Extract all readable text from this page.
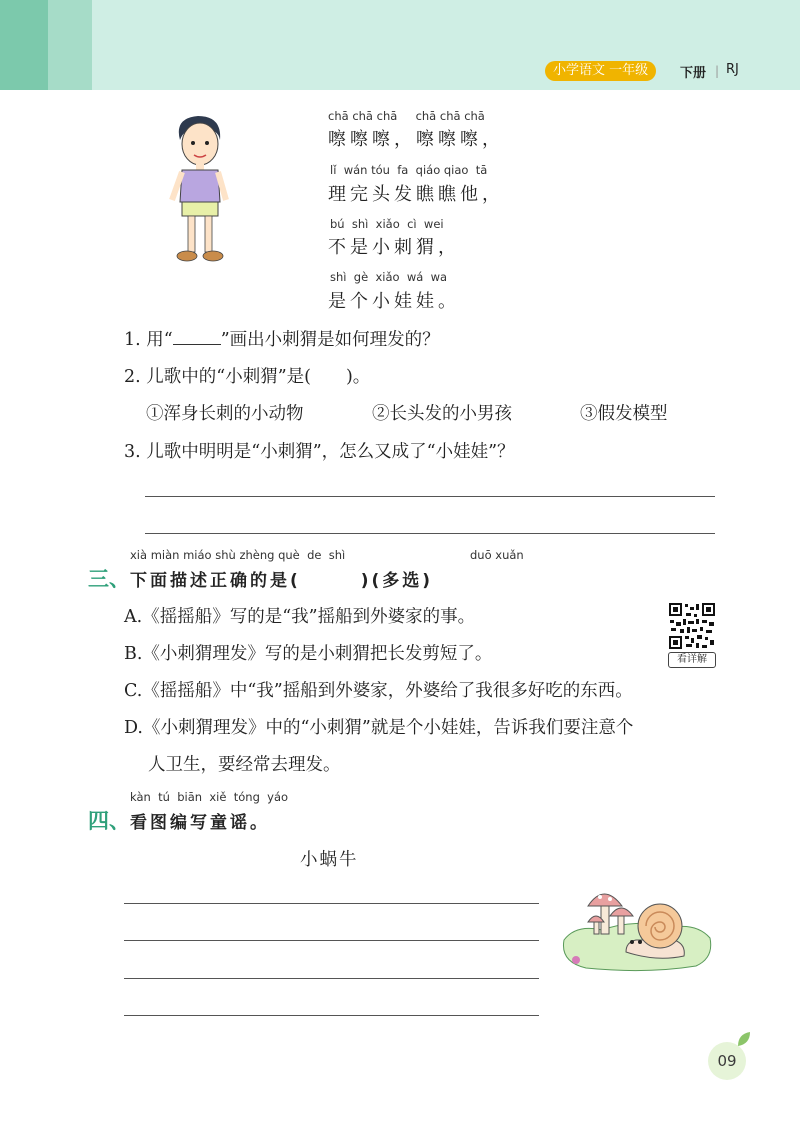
小学语文 一年级	下册 | RJ
chā chā chā     chā chā chā
嚓嚓嚓，嚓嚓嚓，
lǐ  wán tóu  fa  qiáo qiao  tā
理完头发瞧瞧他，
bú  shì  xiǎo  cì  wei
不是小刺猬，
shì  gè  xiǎo  wá  wa
是个小娃娃。
1. 用“	”画出小刺猬是如何理发的？
2. 儿歌中的“小刺猬”是(　　)。
①浑身长刺的小动物	②长头发的小男孩	③假发模型
3. 儿歌中明明是“小刺猬”，怎么又成了“小娃娃”？
xià miàn miáo shù zhèng què  de  shì	duō xuǎn
三、 下面描述正确的是(　　　)(多选)
A.《摇摇船》写的是“我”摇船到外婆家的事。
B.《小刺猬理发》写的是小刺猬把长发剪短了。
C.《摇摇船》中“我”摇船到外婆家，外婆给了我很多好吃的东西。
D.《小刺猬理发》中的“小刺猬”就是个小娃娃，告诉我们要注意个
人卫生，要经常去理发。
看详解
kàn  tú  biān  xiě  tóng  yáo
四、 看图编写童谣。
小蜗牛
09
